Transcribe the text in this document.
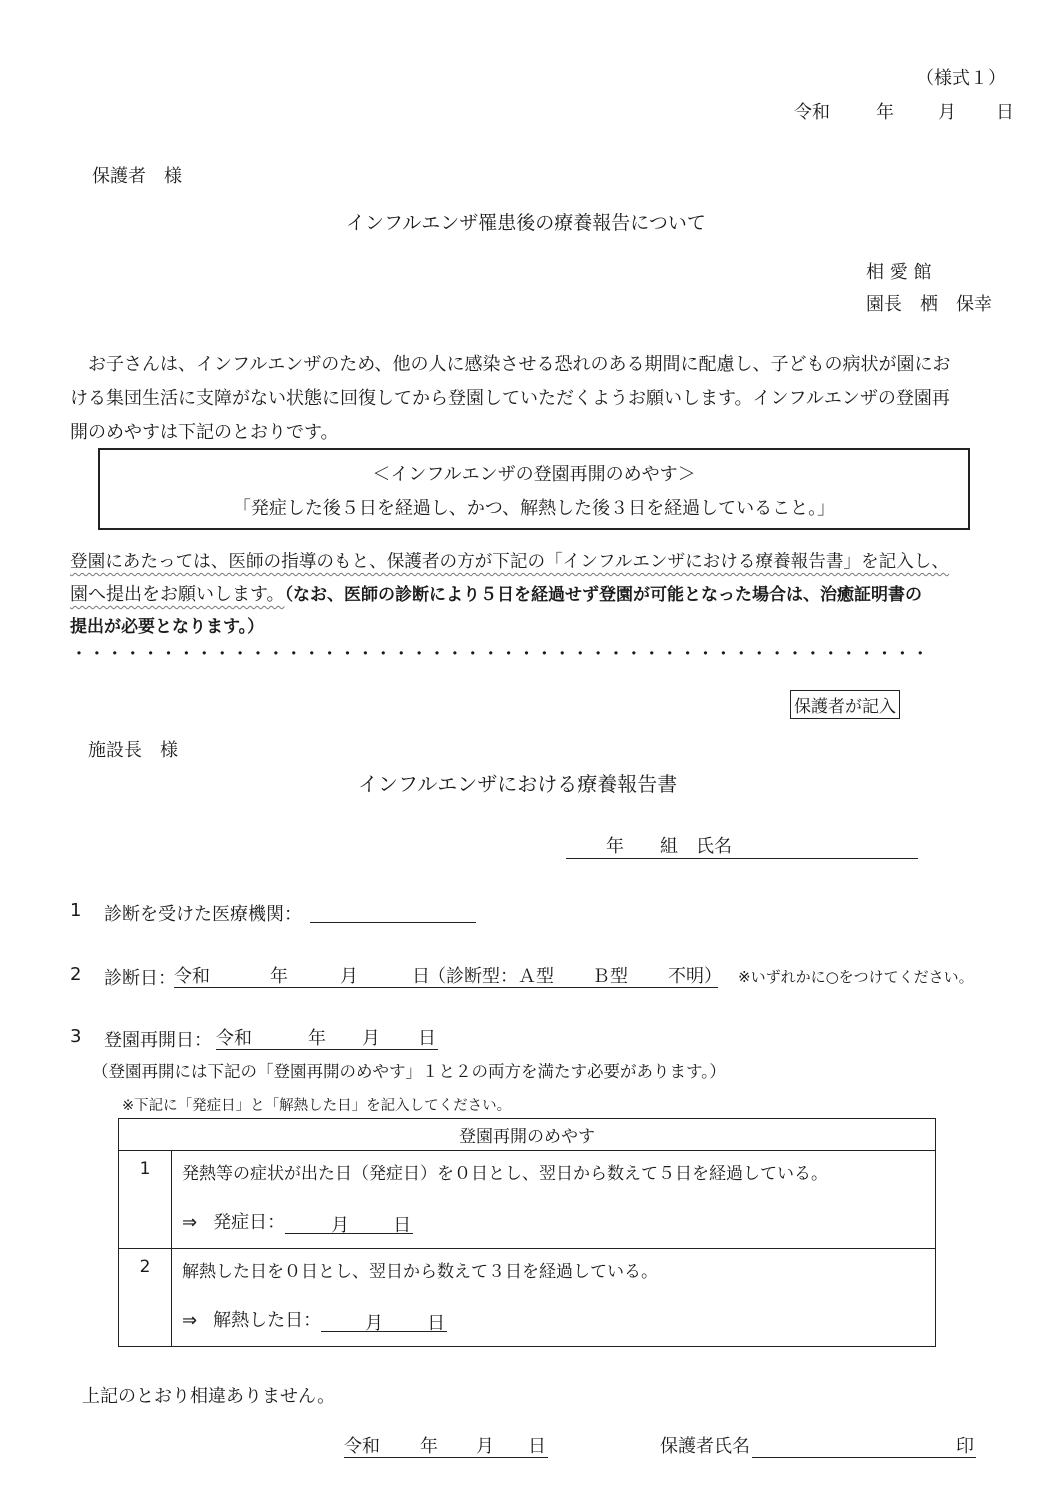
（様式１）
令和	年 月 日
保護者　様
インフルエンザ罹患後の療養報告について
相 愛 館
園長　栖　保幸
お子さんは、インフルエンザのため、他の人に感染させる恐れのある期間に配慮し、子どもの病状が園にお
ける集団生活に支障がない状態に回復してから登園していただくようお願いします。インフルエンザの登園再
開のめやすは下記のとおりです。
＜インフルエンザの登園再開のめやす＞
「発症した後５日を経過し、かつ、解熱した後３日を経過していること。」
登園にあたっては、医師の指導のもと、保護者の方が下記の「インフルエンザにおける療養報告書」を記入し、
園へ提出をお願いします。（なお、医師の診断により５日を経過せず登園が可能となった場合は、治癒証明書の
提出が必要となります。）
・・・・・・・・・・・・・・・・・・・・・・・・・・・・・・・・・・・・・・・・・・・・・・・・
保護者が記入
施設長　様
インフルエンザにおける療養報告書
年 組 氏名
1 診断を受けた医療機関：
2 診断日：
令和	年	月	日
（診断型：Ａ型 Ｂ型 不明） ※いずれかに○をつけてください。
3 登園再開日： 令和	年 月 日
（登園再開には下記の「登園再開のめやす」１と２の両方を満たす必要があります。）
※下記に「発症日」と「解熱した日」を記入してください。
登園再開のめやす	
1	発熱等の症状が出た日（発症日）を０日とし、翌日から数えて５日を経過している。
⇒ 発症日： 月 日

2	解熱した日を０日とし、翌日から数えて３日を経過している。
⇒ 解熱した日： 月 日
上記のとおり相違ありません。
令和 年 月 日	保護者氏名	印
